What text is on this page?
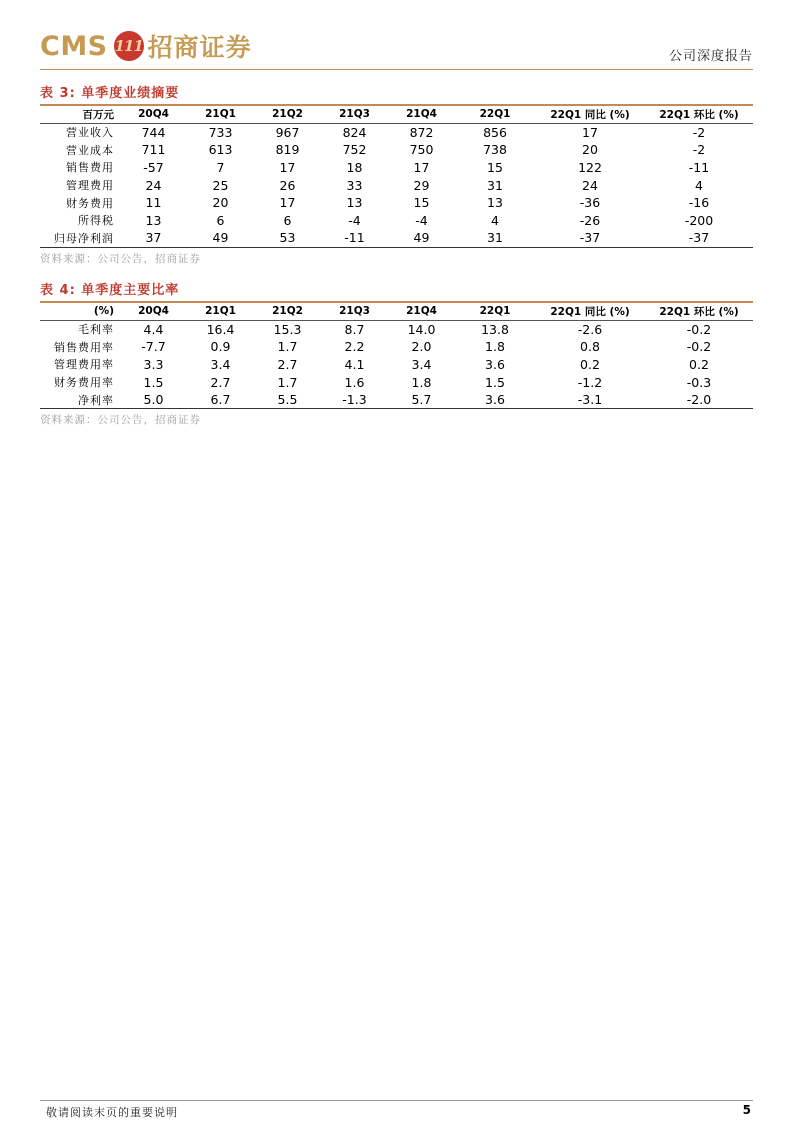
CMS 111 招商证券	公司深度报告
表 3: 单季度业绩摘要
百万元	20Q4	21Q1	21Q2	21Q3	21Q4	22Q1	22Q1 同比 (%)	22Q1 环比 (%)
营业收入	744	733	967	824	872	856	17	-2
营业成本	711	613	819	752	750	738	20	-2
销售费用	-57	7	17	18	17	15	122	-11
管理费用	24	25	26	33	29	31	24	4
财务费用	11	20	17	13	15	13	-36	-16
所得税	13	6	6	-4	-4	4	-26	-200
归母净利润	37	49	53	-11	49	31	-37	-37
资料来源：公司公告，招商证券
表 4: 单季度主要比率
(%)	20Q4	21Q1	21Q2	21Q3	21Q4	22Q1	22Q1 同比 (%)	22Q1 环比 (%)
毛利率	4.4	16.4	15.3	8.7	14.0	13.8	-2.6	-0.2
销售费用率	-7.7	0.9	1.7	2.2	2.0	1.8	0.8	-0.2
管理费用率	3.3	3.4	2.7	4.1	3.4	3.6	0.2	0.2
财务费用率	1.5	2.7	1.7	1.6	1.8	1.5	-1.2	-0.3
净利率	5.0	6.7	5.5	-1.3	5.7	3.6	-3.1	-2.0
资料来源：公司公告，招商证券
敬请阅读末页的重要说明	5
